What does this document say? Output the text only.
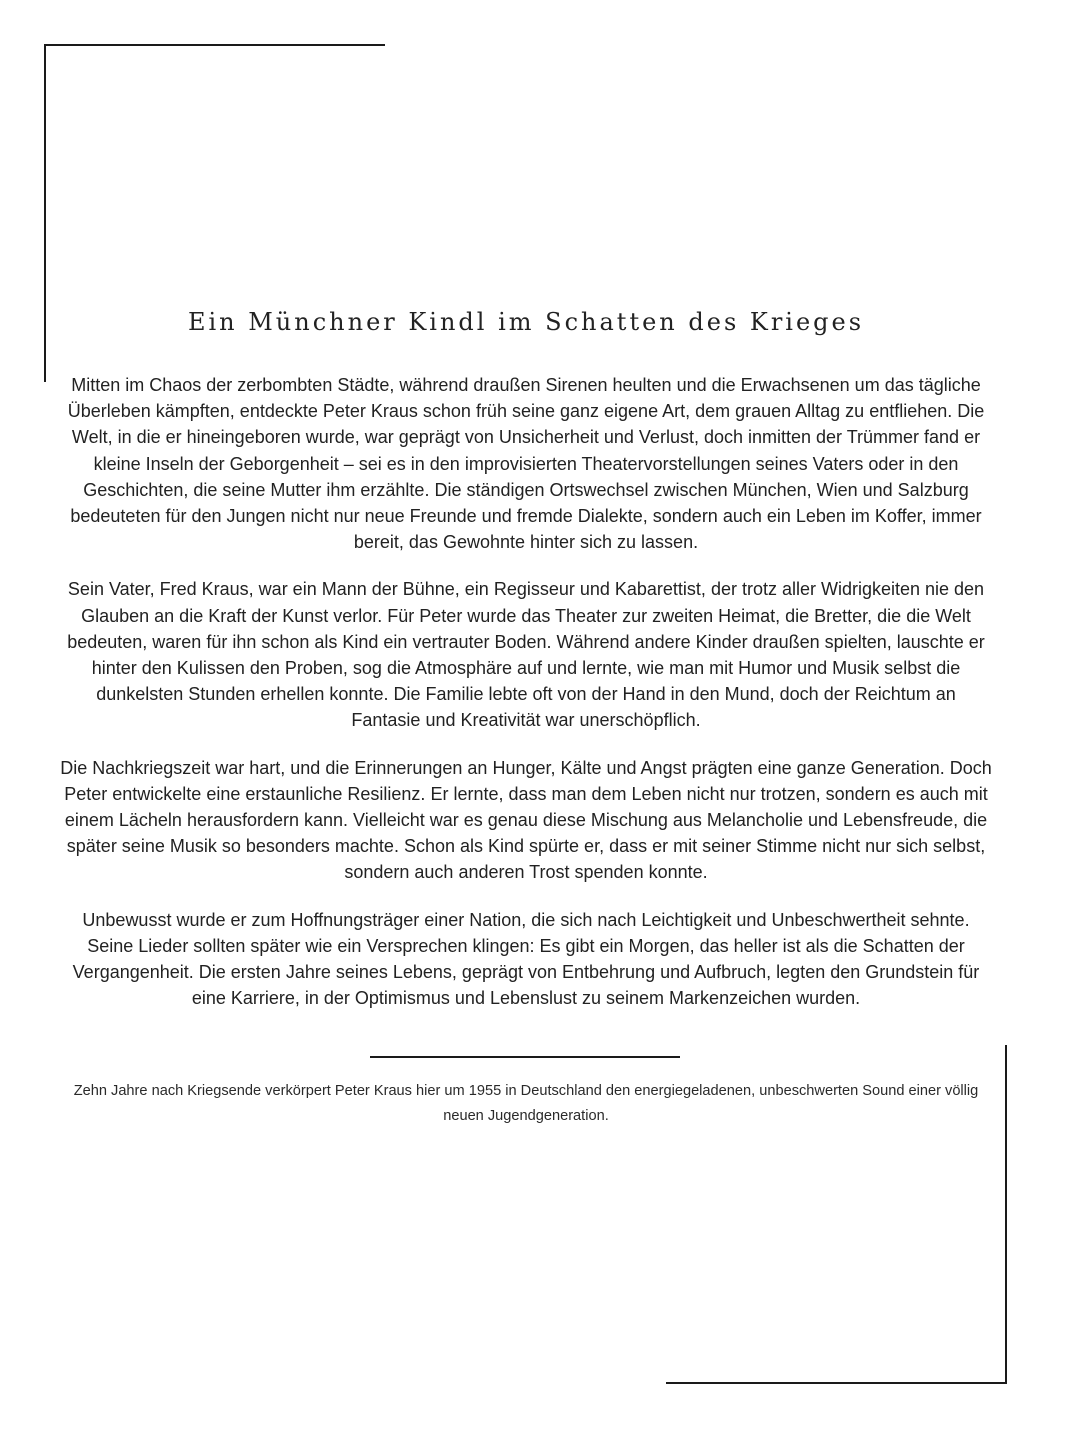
Ein Münchner Kindl im Schatten des Krieges

Mitten im Chaos der zerbombten Städte, während draußen Sirenen heulten und die Erwachsenen um das tägliche Überleben kämpften, entdeckte Peter Kraus schon früh seine ganz eigene Art, dem grauen Alltag zu entfliehen. Die Welt, in die er hineingeboren wurde, war geprägt von Unsicherheit und Verlust, doch inmitten der Trümmer fand er kleine Inseln der Geborgenheit – sei es in den improvisierten Theatervorstellungen seines Vaters oder in den Geschichten, die seine Mutter ihm erzählte. Die ständigen Ortswechsel zwischen München, Wien und Salzburg bedeuteten für den Jungen nicht nur neue Freunde und fremde Dialekte, sondern auch ein Leben im Koffer, immer bereit, das Gewohnte hinter sich zu lassen.

Sein Vater, Fred Kraus, war ein Mann der Bühne, ein Regisseur und Kabarettist, der trotz aller Widrigkeiten nie den Glauben an die Kraft der Kunst verlor. Für Peter wurde das Theater zur zweiten Heimat, die Bretter, die die Welt bedeuten, waren für ihn schon als Kind ein vertrauter Boden. Während andere Kinder draußen spielten, lauschte er hinter den Kulissen den Proben, sog die Atmosphäre auf und lernte, wie man mit Humor und Musik selbst die dunkelsten Stunden erhellen konnte. Die Familie lebte oft von der Hand in den Mund, doch der Reichtum an Fantasie und Kreativität war unerschöpflich.

Die Nachkriegszeit war hart, und die Erinnerungen an Hunger, Kälte und Angst prägten eine ganze Generation. Doch Peter entwickelte eine erstaunliche Resilienz. Er lernte, dass man dem Leben nicht nur trotzen, sondern es auch mit einem Lächeln herausfordern kann. Vielleicht war es genau diese Mischung aus Melancholie und Lebensfreude, die später seine Musik so besonders machte. Schon als Kind spürte er, dass er mit seiner Stimme nicht nur sich selbst, sondern auch anderen Trost spenden konnte.

Unbewusst wurde er zum Hoffnungsträger einer Nation, die sich nach Leichtigkeit und Unbeschwertheit sehnte. Seine Lieder sollten später wie ein Versprechen klingen: Es gibt ein Morgen, das heller ist als die Schatten der Vergangenheit. Die ersten Jahre seines Lebens, geprägt von Entbehrung und Aufbruch, legten den Grundstein für eine Karriere, in der Optimismus und Lebenslust zu seinem Markenzeichen wurden.

Zehn Jahre nach Kriegsende verkörpert Peter Kraus hier um 1955 in Deutschland den energiegeladenen, unbeschwerten Sound einer völlig neuen Jugendgeneration.
